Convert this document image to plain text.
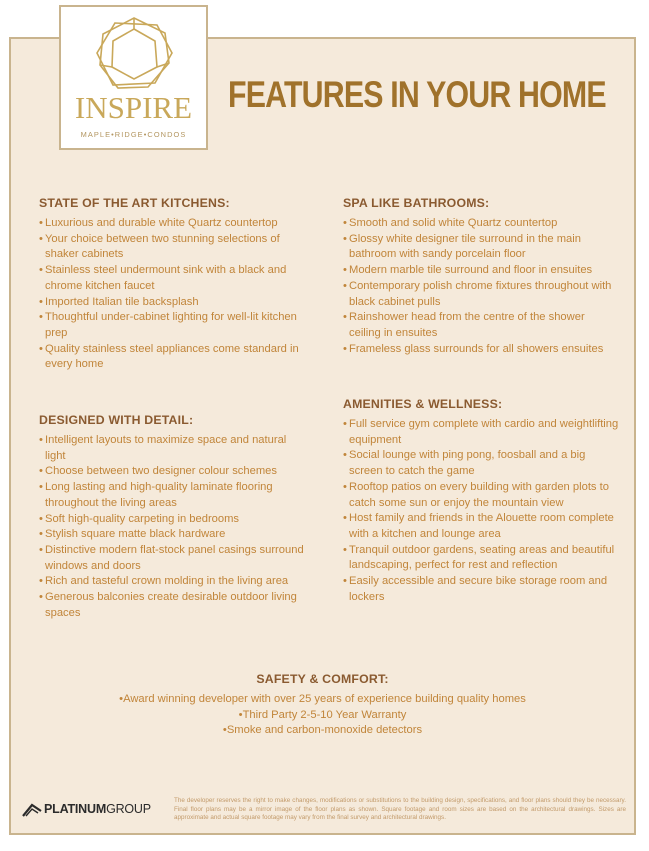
INSPIRE
MAPLE•RIDGE•CONDOS
FEATURES IN YOUR HOME
STATE OF THE ART KITCHENS:
• Luxurious and durable white Quartz countertop
• Your choice between two stunning selections of shaker cabinets
• Stainless steel undermount sink with a black and chrome kitchen faucet
• Imported Italian tile backsplash
• Thoughtful under-cabinet lighting for well-lit kitchen prep
• Quality stainless steel appliances come standard in every home
SPA LIKE BATHROOMS:
• Smooth and solid white Quartz countertop
• Glossy white designer tile surround in the main bathroom with sandy porcelain floor
• Modern marble tile surround and floor in ensuites
• Contemporary polish chrome fixtures throughout with black cabinet pulls
• Rainshower head from the centre of the shower ceiling in ensuites
• Frameless glass surrounds for all showers ensuites
DESIGNED WITH DETAIL:
• Intelligent layouts to maximize space and natural light
• Choose between two designer colour schemes
• Long lasting and high-quality laminate flooring throughout the living areas
• Soft high-quality carpeting in bedrooms
• Stylish square matte black hardware
• Distinctive modern flat-stock panel casings surround windows and doors
• Rich and tasteful crown molding in the living area
• Generous balconies create desirable outdoor living spaces
AMENITIES & WELLNESS:
• Full service gym complete with cardio and weightlifting equipment
• Social lounge with ping pong, foosball and a big screen to catch the game
• Rooftop patios on every building with garden plots to catch some sun or enjoy the mountain view
• Host family and friends in the Alouette room complete with a kitchen and lounge area
• Tranquil outdoor gardens, seating areas and beautiful landscaping, perfect for rest and reflection
• Easily accessible and secure bike storage room and lockers
SAFETY & COMFORT:
•Award winning developer with over 25 years of experience building quality homes
•Third Party 2-5-10 Year Warranty
•Smoke and carbon-monoxide detectors
PLATINUMGROUP
The developer reserves the right to make changes, modifications or substitutions to the building design, specifications, and floor plans should they be necessary. Final floor plans may be a mirror image of the floor plans as shown. Square footage and room sizes are based on the architectural drawings. Sizes are approximate and actual square footage may vary from the final survey and architectural drawings.
